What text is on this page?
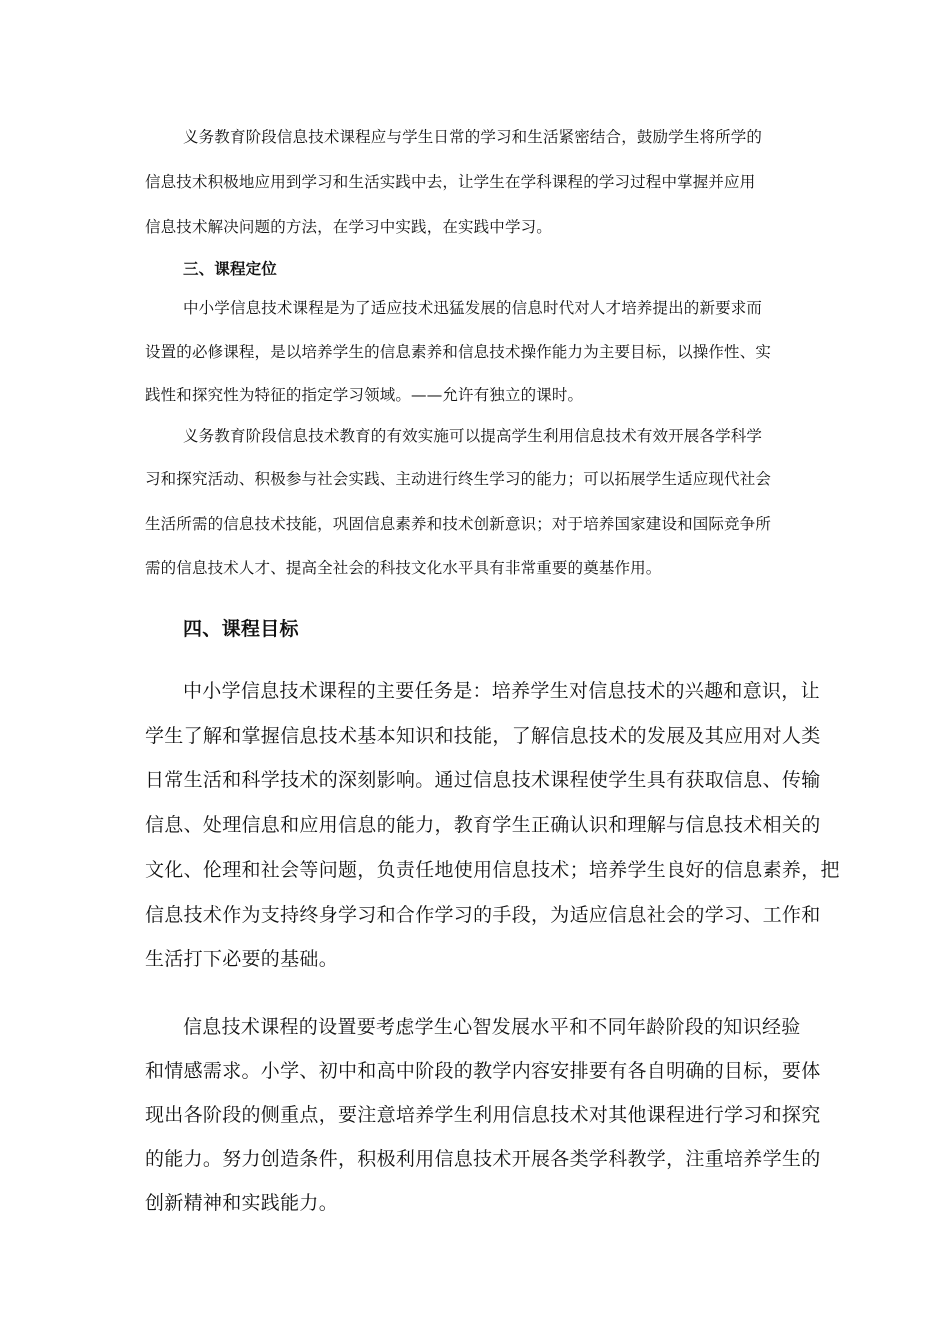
义务教育阶段信息技术课程应与学生日常的学习和生活紧密结合，鼓励学生将所学的
信息技术积极地应用到学习和生活实践中去，让学生在学科课程的学习过程中掌握并应用
信息技术解决问题的方法，在学习中实践，在实践中学习。
三、课程定位
中小学信息技术课程是为了适应技术迅猛发展的信息时代对人才培养提出的新要求而
设置的必修课程，是以培养学生的信息素养和信息技术操作能力为主要目标，以操作性、实
践性和探究性为特征的指定学习领域。——允许有独立的课时。
义务教育阶段信息技术教育的有效实施可以提高学生利用信息技术有效开展各学科学
习和探究活动、积极参与社会实践、主动进行终生学习的能力；可以拓展学生适应现代社会
生活所需的信息技术技能，巩固信息素养和技术创新意识；对于培养国家建设和国际竞争所
需的信息技术人才、提高全社会的科技文化水平具有非常重要的奠基作用。
四、课程目标
中小学信息技术课程的主要任务是：培养学生对信息技术的兴趣和意识，让
学生了解和掌握信息技术基本知识和技能，了解信息技术的发展及其应用对人类
日常生活和科学技术的深刻影响。通过信息技术课程使学生具有获取信息、传输
信息、处理信息和应用信息的能力，教育学生正确认识和理解与信息技术相关的
文化、伦理和社会等问题，负责任地使用信息技术；培养学生良好的信息素养，把
信息技术作为支持终身学习和合作学习的手段，为适应信息社会的学习、工作和
生活打下必要的基础。
信息技术课程的设置要考虑学生心智发展水平和不同年龄阶段的知识经验
和情感需求。小学、初中和高中阶段的教学内容安排要有各自明确的目标，要体
现出各阶段的侧重点，要注意培养学生利用信息技术对其他课程进行学习和探究
的能力。努力创造条件，积极利用信息技术开展各类学科教学，注重培养学生的
创新精神和实践能力。
